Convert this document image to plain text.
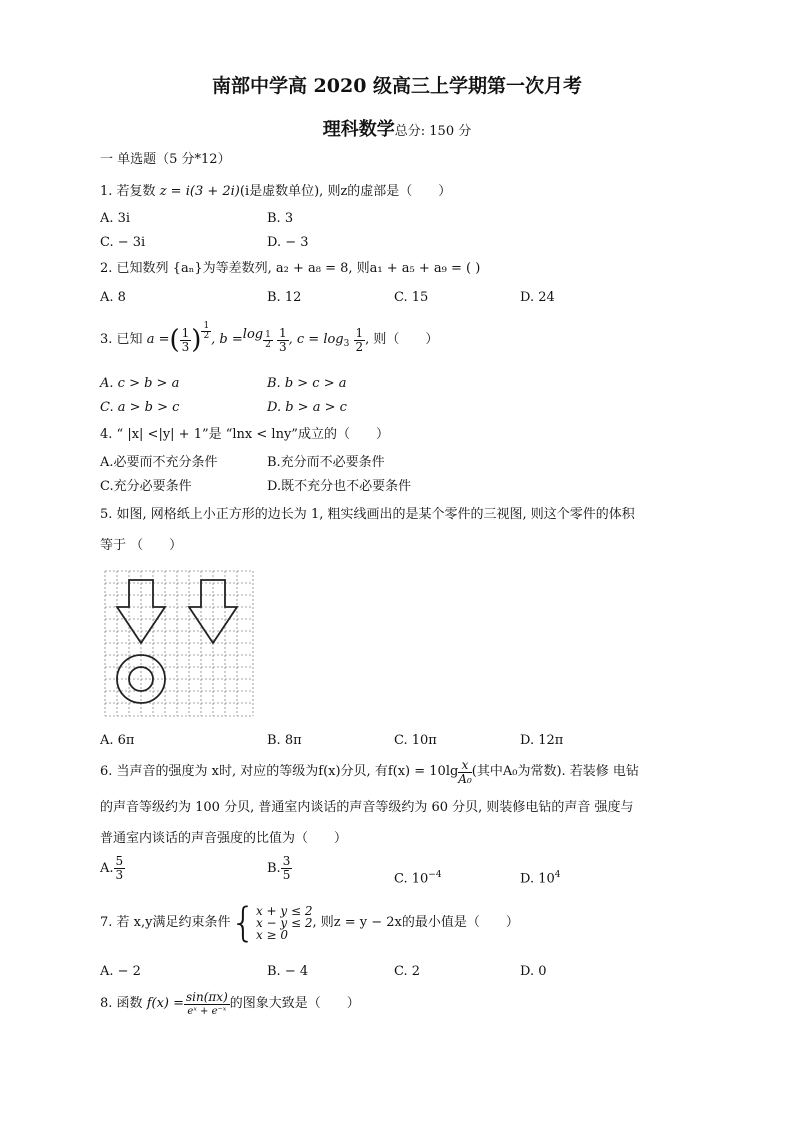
南部中学高 2020 级高三上学期第一次月考
理科数学总分: 150 分
一 单选题（5 分*12）
1. 若复数 z = i(3 + 2i)(i是虚数单位), 则z的虚部是（　　）
A. 3i	B. 3
C. − 3i	D. − 3
2. 已知数列 {aₙ}为等差数列, a₂ + a₈ = 8, 则a₁ + a₅ + a₉ = ( )
A. 8	B. 12	C. 15	D. 24
3.
已知
a = ( $\frac{1}{3}$ ) $\frac{1}{2}$ , $b = \log \frac{1}{2}$
$\frac{1}{3}$ , c = log 3
$\frac{1}{2}$ , 则（　　）
A. c > b > a	B. b > c > a
C. a > b > c	D. b > a > c
4. “ |x| <|y| + 1”是 “lnx < lny”成立的（　　）
A.必要而不充分条件	B.充分而不必要条件
C.充分必要条件	D.既不充分也不必要条件
5. 如图, 网格纸上小正方形的边长为 1, 粗实线画出的是某个零件的三视图, 则这个零件的体积
等于 （　　）
A. 6π	B. 8π	C. 10π	D. 12π
6.
当声音的强度为 x时, 对应的等级为f(x)分贝, 有$f(x) = 10\lg \frac{x}{\text{A₀}}$ (其中A₀为常数). 若装修 电钻
的声音等级约为 100 分贝, 普通室内谈话的声音等级约为 60 分贝, 则装修电钻的声音 强度与
普通室内谈话的声音强度的比值为（　　）
A. $\frac{5}{3}$	B. $\frac{3}{5}$	C. $10^{-4}$	D. $10^4$
7.
若 x,y满足约束条件 { x + y ≤ 2
x − y ≤ 2
x ≥ 0
, 则z = y − 2x的最小值是（　　）
A. − 2	B. − 4	C. 2	D. 0
8.
函数
$f(x) = \frac{\sin(\pi x)}{\text{eˣ + e⁻ˣ}}$ 的图象大致是（　　）
